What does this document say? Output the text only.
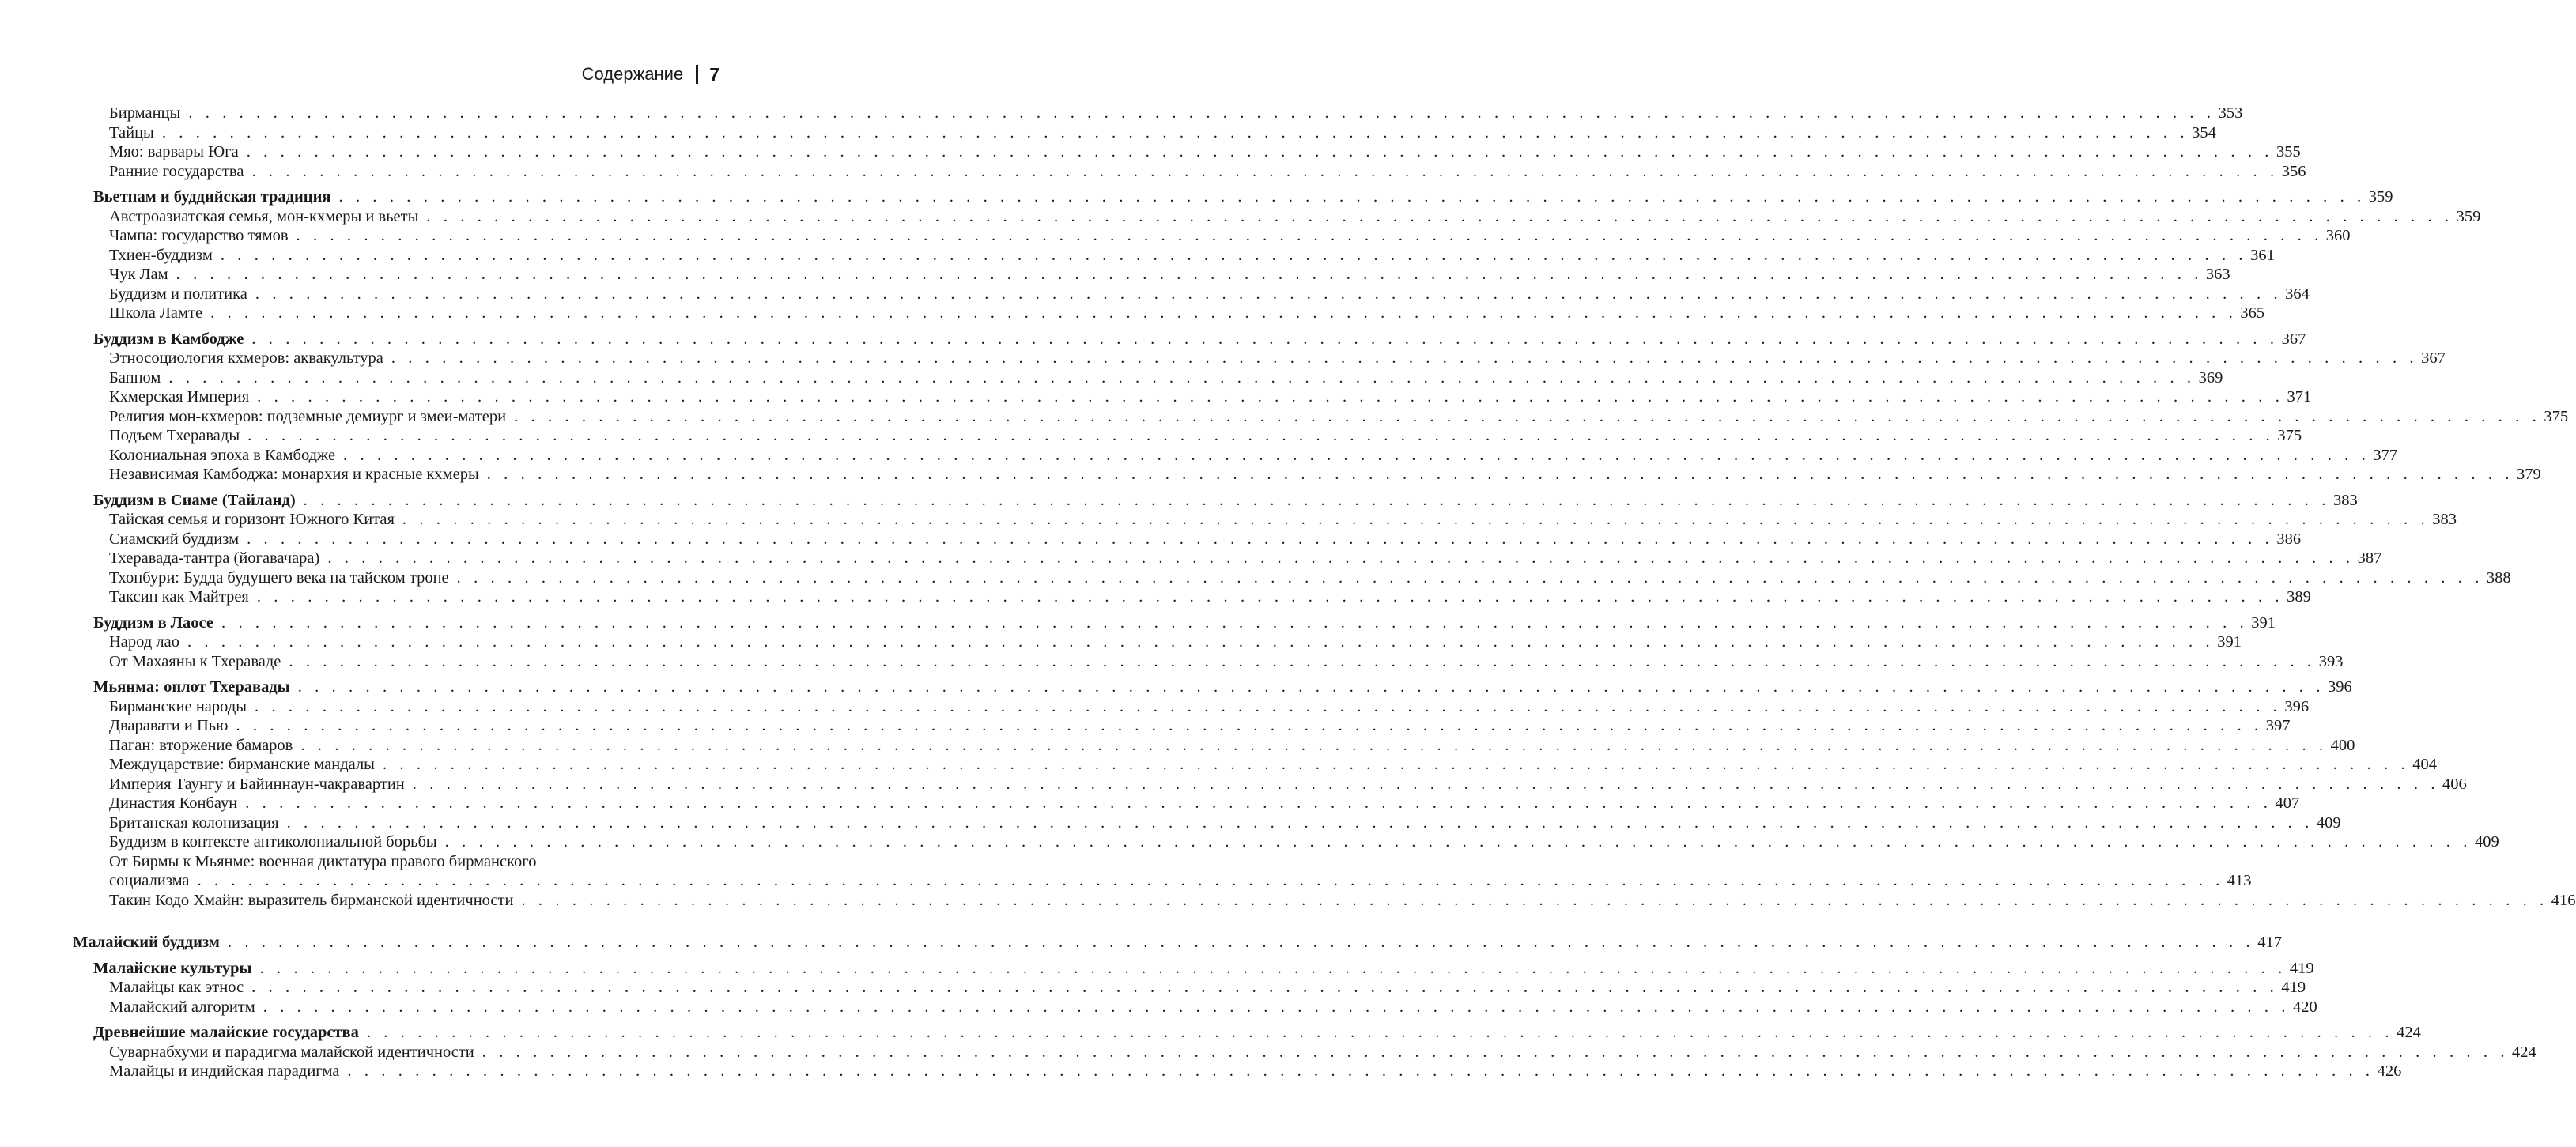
Содержание 7
Бирманцы . . . . . . . . . . . . . . . . . . . . . . . . . . . . . . . . . . . . . . . . . . . . . . . . . . . . . . . . . . . . . . . . . . . . . . . . . . . . . . . . . . . . . . . . . . . . . . . . . . . . . . . . . . . . . . . . . . . . . . . . 353
Тайцы . . . . . . . . . . . . . . . . . . . . . . . . . . . . . . . . . . . . . . . . . . . . . . . . . . . . . . . . . . . . . . . . . . . . . . . . . . . . . . . . . . . . . . . . . . . . . . . . . . . . . . . . . . . . . . . . . . . . . . . . 354
Мяо: варвары Юга . . . . . . . . . . . . . . . . . . . . . . . . . . . . . . . . . . . . . . . . . . . . . . . . . . . . . . . . . . . . . . . . . . . . . . . . . . . . . . . . . . . . . . . . . . . . . . . . . . . . . . . . . . . . . . . . . . . . . . . . 355
Ранние государства . . . . . . . . . . . . . . . . . . . . . . . . . . . . . . . . . . . . . . . . . . . . . . . . . . . . . . . . . . . . . . . . . . . . . . . . . . . . . . . . . . . . . . . . . . . . . . . . . . . . . . . . . . . . . . . . . . . . . . . . 356
Вьетнам и буддийская традиция . . . . . . . . . . . . . . . . . . . . . . . . . . . . . . . . . . . . . . . . . . . . . . . . . . . . . . . . . . . . . . . . . . . . . . . . . . . . . . . . . . . . . . . . . . . . . . . . . . . . . . . . . . . . . . . . . . . . . . . . 359
Австроазиатская семья, мон-кхмеры и вьеты . . . . . . . . . . . . . . . . . . . . . . . . . . . . . . . . . . . . . . . . . . . . . . . . . . . . . . . . . . . . . . . . . . . . . . . . . . . . . . . . . . . . . . . . . . . . . . . . . . . . . . . . . . . . . . . . . . . . . . . . 359
Чампа: государство тямов . . . . . . . . . . . . . . . . . . . . . . . . . . . . . . . . . . . . . . . . . . . . . . . . . . . . . . . . . . . . . . . . . . . . . . . . . . . . . . . . . . . . . . . . . . . . . . . . . . . . . . . . . . . . . . . . . . . . . . . . 360
Тхиен-буддизм . . . . . . . . . . . . . . . . . . . . . . . . . . . . . . . . . . . . . . . . . . . . . . . . . . . . . . . . . . . . . . . . . . . . . . . . . . . . . . . . . . . . . . . . . . . . . . . . . . . . . . . . . . . . . . . . . . . . . . . . 361
Чук Лам . . . . . . . . . . . . . . . . . . . . . . . . . . . . . . . . . . . . . . . . . . . . . . . . . . . . . . . . . . . . . . . . . . . . . . . . . . . . . . . . . . . . . . . . . . . . . . . . . . . . . . . . . . . . . . . . . . . . . . . . 363
Буддизм и политика . . . . . . . . . . . . . . . . . . . . . . . . . . . . . . . . . . . . . . . . . . . . . . . . . . . . . . . . . . . . . . . . . . . . . . . . . . . . . . . . . . . . . . . . . . . . . . . . . . . . . . . . . . . . . . . . . . . . . . . . 364
Школа Ламте . . . . . . . . . . . . . . . . . . . . . . . . . . . . . . . . . . . . . . . . . . . . . . . . . . . . . . . . . . . . . . . . . . . . . . . . . . . . . . . . . . . . . . . . . . . . . . . . . . . . . . . . . . . . . . . . . . . . . . . . 365
Буддизм в Камбодже . . . . . . . . . . . . . . . . . . . . . . . . . . . . . . . . . . . . . . . . . . . . . . . . . . . . . . . . . . . . . . . . . . . . . . . . . . . . . . . . . . . . . . . . . . . . . . . . . . . . . . . . . . . . . . . . . . . . . . . . 367
Этносоциология кхмеров: аквакультура . . . . . . . . . . . . . . . . . . . . . . . . . . . . . . . . . . . . . . . . . . . . . . . . . . . . . . . . . . . . . . . . . . . . . . . . . . . . . . . . . . . . . . . . . . . . . . . . . . . . . . . . . . . . . . . . . . . . . . . . 367
Бапном . . . . . . . . . . . . . . . . . . . . . . . . . . . . . . . . . . . . . . . . . . . . . . . . . . . . . . . . . . . . . . . . . . . . . . . . . . . . . . . . . . . . . . . . . . . . . . . . . . . . . . . . . . . . . . . . . . . . . . . . 369
Кхмерская Империя . . . . . . . . . . . . . . . . . . . . . . . . . . . . . . . . . . . . . . . . . . . . . . . . . . . . . . . . . . . . . . . . . . . . . . . . . . . . . . . . . . . . . . . . . . . . . . . . . . . . . . . . . . . . . . . . . . . . . . . . 371
Религия мон-кхмеров: подземные демиург и змеи-матери . . . . . . . . . . . . . . . . . . . . . . . . . . . . . . . . . . . . . . . . . . . . . . . . . . . . . . . . . . . . . . . . . . . . . . . . . . . . . . . . . . . . . . . . . . . . . . . . . . . . . . . . . . . . . . . . . . . . . . . . 375
Подъем Тхеравады . . . . . . . . . . . . . . . . . . . . . . . . . . . . . . . . . . . . . . . . . . . . . . . . . . . . . . . . . . . . . . . . . . . . . . . . . . . . . . . . . . . . . . . . . . . . . . . . . . . . . . . . . . . . . . . . . . . . . . . . 375
Колониальная эпоха в Камбодже . . . . . . . . . . . . . . . . . . . . . . . . . . . . . . . . . . . . . . . . . . . . . . . . . . . . . . . . . . . . . . . . . . . . . . . . . . . . . . . . . . . . . . . . . . . . . . . . . . . . . . . . . . . . . . . . . . . . . . . . 377
Независимая Камбоджа: монархия и красные кхмеры . . . . . . . . . . . . . . . . . . . . . . . . . . . . . . . . . . . . . . . . . . . . . . . . . . . . . . . . . . . . . . . . . . . . . . . . . . . . . . . . . . . . . . . . . . . . . . . . . . . . . . . . . . . . . . . . . . . . . . . . 379
Буддизм в Сиаме (Тайланд) . . . . . . . . . . . . . . . . . . . . . . . . . . . . . . . . . . . . . . . . . . . . . . . . . . . . . . . . . . . . . . . . . . . . . . . . . . . . . . . . . . . . . . . . . . . . . . . . . . . . . . . . . . . . . . . . . . . . . . . . 383
Тайская семья и горизонт Южного Китая . . . . . . . . . . . . . . . . . . . . . . . . . . . . . . . . . . . . . . . . . . . . . . . . . . . . . . . . . . . . . . . . . . . . . . . . . . . . . . . . . . . . . . . . . . . . . . . . . . . . . . . . . . . . . . . . . . . . . . . . 383
Сиамский буддизм . . . . . . . . . . . . . . . . . . . . . . . . . . . . . . . . . . . . . . . . . . . . . . . . . . . . . . . . . . . . . . . . . . . . . . . . . . . . . . . . . . . . . . . . . . . . . . . . . . . . . . . . . . . . . . . . . . . . . . . . 386
Тхеравада-тантра (йогавачара) . . . . . . . . . . . . . . . . . . . . . . . . . . . . . . . . . . . . . . . . . . . . . . . . . . . . . . . . . . . . . . . . . . . . . . . . . . . . . . . . . . . . . . . . . . . . . . . . . . . . . . . . . . . . . . . . . . . . . . . . 387
Тхонбури: Будда будущего века на тайском троне . . . . . . . . . . . . . . . . . . . . . . . . . . . . . . . . . . . . . . . . . . . . . . . . . . . . . . . . . . . . . . . . . . . . . . . . . . . . . . . . . . . . . . . . . . . . . . . . . . . . . . . . . . . . . . . . . . . . . . . . 388
Таксин как Майтрея . . . . . . . . . . . . . . . . . . . . . . . . . . . . . . . . . . . . . . . . . . . . . . . . . . . . . . . . . . . . . . . . . . . . . . . . . . . . . . . . . . . . . . . . . . . . . . . . . . . . . . . . . . . . . . . . . . . . . . . . 389
Буддизм в Лаосе . . . . . . . . . . . . . . . . . . . . . . . . . . . . . . . . . . . . . . . . . . . . . . . . . . . . . . . . . . . . . . . . . . . . . . . . . . . . . . . . . . . . . . . . . . . . . . . . . . . . . . . . . . . . . . . . . . . . . . . . 391
Народ лао . . . . . . . . . . . . . . . . . . . . . . . . . . . . . . . . . . . . . . . . . . . . . . . . . . . . . . . . . . . . . . . . . . . . . . . . . . . . . . . . . . . . . . . . . . . . . . . . . . . . . . . . . . . . . . . . . . . . . . . . 391
От Махаяны к Тхераваде . . . . . . . . . . . . . . . . . . . . . . . . . . . . . . . . . . . . . . . . . . . . . . . . . . . . . . . . . . . . . . . . . . . . . . . . . . . . . . . . . . . . . . . . . . . . . . . . . . . . . . . . . . . . . . . . . . . . . . . . 393
Мьянма: оплот Тхеравады . . . . . . . . . . . . . . . . . . . . . . . . . . . . . . . . . . . . . . . . . . . . . . . . . . . . . . . . . . . . . . . . . . . . . . . . . . . . . . . . . . . . . . . . . . . . . . . . . . . . . . . . . . . . . . . . . . . . . . . . 396
Бирманские народы . . . . . . . . . . . . . . . . . . . . . . . . . . . . . . . . . . . . . . . . . . . . . . . . . . . . . . . . . . . . . . . . . . . . . . . . . . . . . . . . . . . . . . . . . . . . . . . . . . . . . . . . . . . . . . . . . . . . . . . . 396
Дваравати и Пью . . . . . . . . . . . . . . . . . . . . . . . . . . . . . . . . . . . . . . . . . . . . . . . . . . . . . . . . . . . . . . . . . . . . . . . . . . . . . . . . . . . . . . . . . . . . . . . . . . . . . . . . . . . . . . . . . . . . . . . . 397
Паган: вторжение бамаров . . . . . . . . . . . . . . . . . . . . . . . . . . . . . . . . . . . . . . . . . . . . . . . . . . . . . . . . . . . . . . . . . . . . . . . . . . . . . . . . . . . . . . . . . . . . . . . . . . . . . . . . . . . . . . . . . . . . . . . . 400
Междуцарствие: бирманские мандалы . . . . . . . . . . . . . . . . . . . . . . . . . . . . . . . . . . . . . . . . . . . . . . . . . . . . . . . . . . . . . . . . . . . . . . . . . . . . . . . . . . . . . . . . . . . . . . . . . . . . . . . . . . . . . . . . . . . . . . . . 404
Империя Таунгу и Байиннаун-чакравартин . . . . . . . . . . . . . . . . . . . . . . . . . . . . . . . . . . . . . . . . . . . . . . . . . . . . . . . . . . . . . . . . . . . . . . . . . . . . . . . . . . . . . . . . . . . . . . . . . . . . . . . . . . . . . . . . . . . . . . . . 406
Династия Конбаун . . . . . . . . . . . . . . . . . . . . . . . . . . . . . . . . . . . . . . . . . . . . . . . . . . . . . . . . . . . . . . . . . . . . . . . . . . . . . . . . . . . . . . . . . . . . . . . . . . . . . . . . . . . . . . . . . . . . . . . . 407
Британская колонизация . . . . . . . . . . . . . . . . . . . . . . . . . . . . . . . . . . . . . . . . . . . . . . . . . . . . . . . . . . . . . . . . . . . . . . . . . . . . . . . . . . . . . . . . . . . . . . . . . . . . . . . . . . . . . . . . . . . . . . . . 409
Буддизм в контексте антиколониальной борьбы . . . . . . . . . . . . . . . . . . . . . . . . . . . . . . . . . . . . . . . . . . . . . . . . . . . . . . . . . . . . . . . . . . . . . . . . . . . . . . . . . . . . . . . . . . . . . . . . . . . . . . . . . . . . . . . . . . . . . . . . 409
От Бирмы к Мьянме: военная диктатура правого бирманского
социализма . . . . . . . . . . . . . . . . . . . . . . . . . . . . . . . . . . . . . . . . . . . . . . . . . . . . . . . . . . . . . . . . . . . . . . . . . . . . . . . . . . . . . . . . . . . . . . . . . . . . . . . . . . . . . . . . . . . . . . . . 413
Такин Кодо Хмайн: выразитель бирманской идентичности . . . . . . . . . . . . . . . . . . . . . . . . . . . . . . . . . . . . . . . . . . . . . . . . . . . . . . . . . . . . . . . . . . . . . . . . . . . . . . . . . . . . . . . . . . . . . . . . . . . . . . . . . . . . . . . . . . . . . . . . 416
Малайский буддизм . . . . . . . . . . . . . . . . . . . . . . . . . . . . . . . . . . . . . . . . . . . . . . . . . . . . . . . . . . . . . . . . . . . . . . . . . . . . . . . . . . . . . . . . . . . . . . . . . . . . . . . . . . . . . . . . . . . . . . . . 417
Малайские культуры . . . . . . . . . . . . . . . . . . . . . . . . . . . . . . . . . . . . . . . . . . . . . . . . . . . . . . . . . . . . . . . . . . . . . . . . . . . . . . . . . . . . . . . . . . . . . . . . . . . . . . . . . . . . . . . . . . . . . . . . 419
Малайцы как этнос . . . . . . . . . . . . . . . . . . . . . . . . . . . . . . . . . . . . . . . . . . . . . . . . . . . . . . . . . . . . . . . . . . . . . . . . . . . . . . . . . . . . . . . . . . . . . . . . . . . . . . . . . . . . . . . . . . . . . . . . 419
Малайский алгоритм . . . . . . . . . . . . . . . . . . . . . . . . . . . . . . . . . . . . . . . . . . . . . . . . . . . . . . . . . . . . . . . . . . . . . . . . . . . . . . . . . . . . . . . . . . . . . . . . . . . . . . . . . . . . . . . . . . . . . . . . 420
Древнейшие малайские государства . . . . . . . . . . . . . . . . . . . . . . . . . . . . . . . . . . . . . . . . . . . . . . . . . . . . . . . . . . . . . . . . . . . . . . . . . . . . . . . . . . . . . . . . . . . . . . . . . . . . . . . . . . . . . . . . . . . . . . . . 424
Суварнабхуми и парадигма малайской идентичности . . . . . . . . . . . . . . . . . . . . . . . . . . . . . . . . . . . . . . . . . . . . . . . . . . . . . . . . . . . . . . . . . . . . . . . . . . . . . . . . . . . . . . . . . . . . . . . . . . . . . . . . . . . . . . . . . . . . . . . . 424
Малайцы и индийская парадигма . . . . . . . . . . . . . . . . . . . . . . . . . . . . . . . . . . . . . . . . . . . . . . . . . . . . . . . . . . . . . . . . . . . . . . . . . . . . . . . . . . . . . . . . . . . . . . . . . . . . . . . . . . . . . . . . . . . . . . . . 426
